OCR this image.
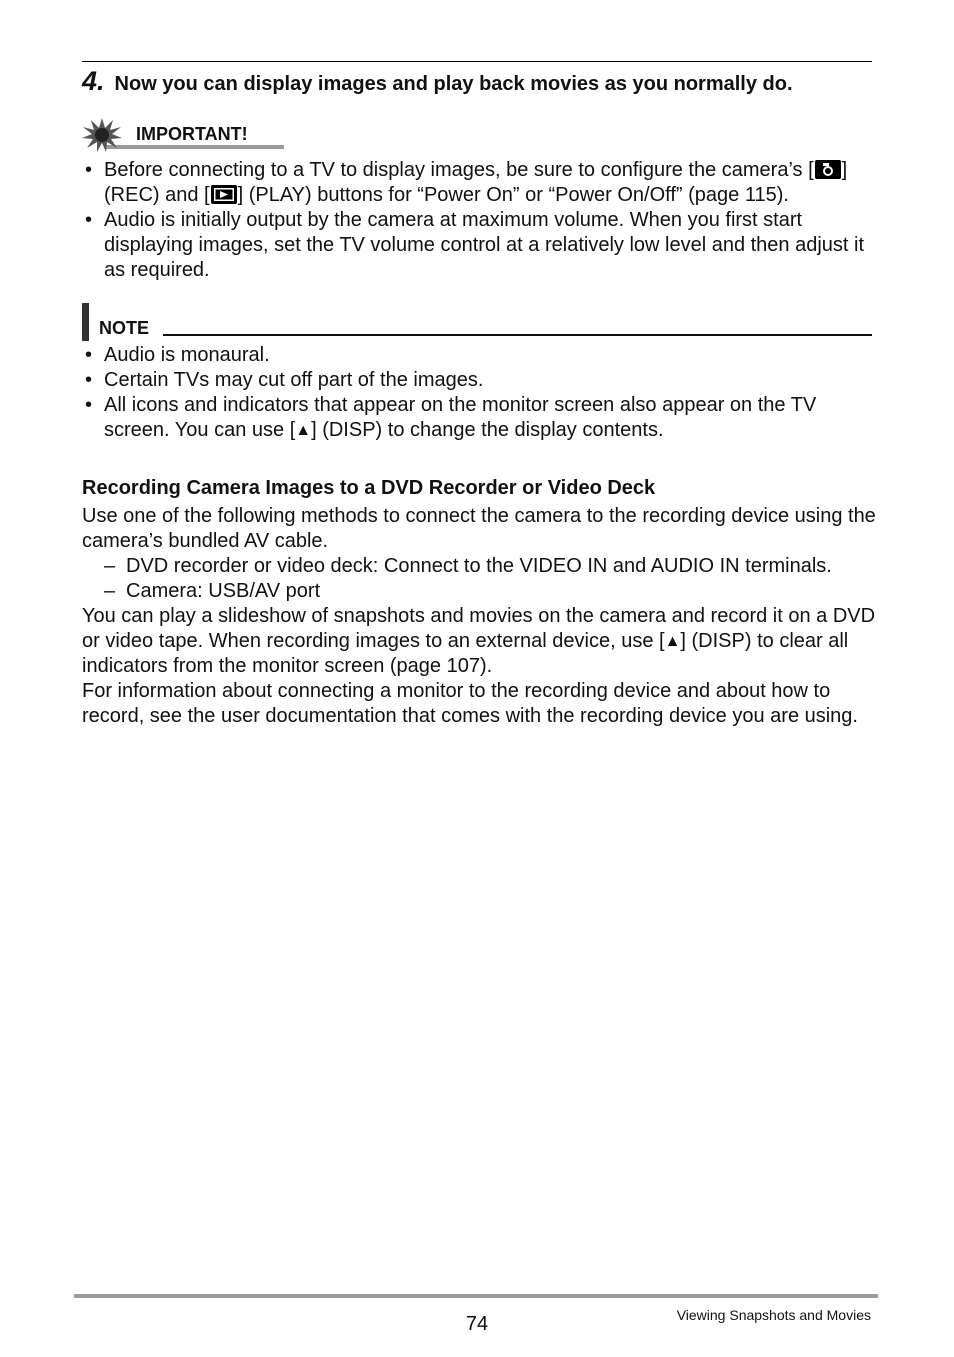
4. Now you can display images and play back movies as you normally do.
IMPORTANT!
• Before connecting to a TV to display images, be sure to configure the camera’s [ ] (REC) and [ ] (PLAY) buttons for “Power On” or “Power On/Off” (page 115).
• Audio is initially output by the camera at maximum volume. When you first start displaying images, set the TV volume control at a relatively low level and then adjust it as required.
NOTE
• Audio is monaural.
• Certain TVs may cut off part of the images.
• All icons and indicators that appear on the monitor screen also appear on the TV screen. You can use [▲] (DISP) to change the display contents.
Recording Camera Images to a DVD Recorder or Video Deck

Use one of the following methods to connect the camera to the recording device using the camera’s bundled AV cable.

– DVD recorder or video deck: Connect to the VIDEO IN and AUDIO IN terminals.
– Camera: USB/AV port

You can play a slideshow of snapshots and movies on the camera and record it on a DVD or video tape. When recording images to an external device, use [▲] (DISP) to clear all indicators from the monitor screen (page 107).

For information about connecting a monitor to the recording device and about how to record, see the user documentation that comes with the recording device you are using.

74	Viewing Snapshots and Movies
